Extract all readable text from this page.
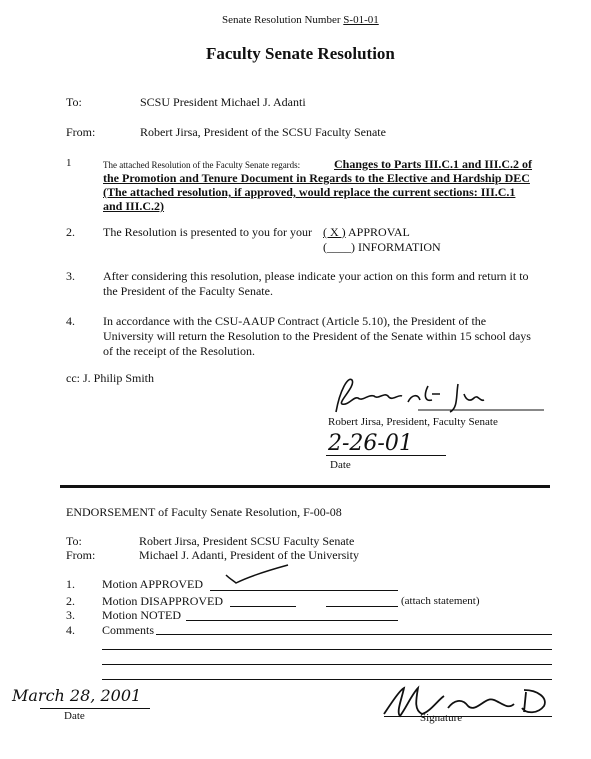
Senate Resolution Number S-01-01
Faculty Senate Resolution
To:	SCSU President Michael J. Adanti
From:	Robert Jirsa, President of the SCSU Faculty Senate
1	The attached Resolution of the Faculty Senate regards:	Changes to Parts III.C.1 and III.C.2 of
the Promotion and Tenure Document in Regards to the Elective and Hardship DEC
(The attached resolution, if approved, would replace the current sections: III.C.1
and III.C.2)
2. The Resolution is presented to you for your ( X ) APPROVAL
(____) INFORMATION
3. After considering this resolution, please indicate your action on this form and return it to
the President of the Faculty Senate.
4. In accordance with the CSU-AAUP Contract (Article 5.10), the President of the
University will return the Resolution to the President of the Senate within 15 school days
of the receipt of the Resolution.
cc: J. Philip Smith
Robert Jirsa, President, Faculty Senate
2-26-01
Date
ENDORSEMENT of Faculty Senate Resolution, F-00-08
To:	Robert Jirsa, President SCSU Faculty Senate
From:	Michael J. Adanti, President of the University
1. Motion APPROVED
2. Motion DISAPPROVED	(attach statement)
3. Motion NOTED
4. Comments
March 28, 2001
Date	Signature
